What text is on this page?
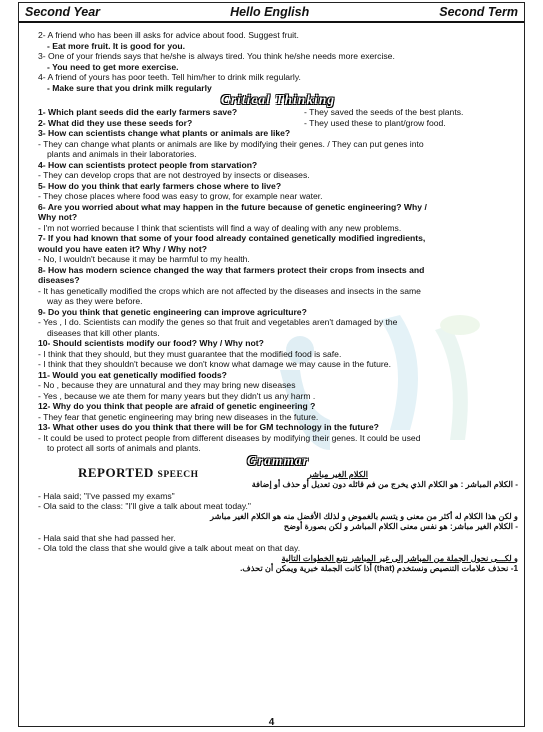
Second Year	Hello English	Second Term

2- A friend who has been ill asks for advice about food. Suggest fruit.

- Eat more fruit. It is good for you.

3- One of your friends says that he/she is always tired. You think he/she needs more exercise.

- You need to get more exercise.

4- A friend of yours has poor teeth. Tell him/her to drink milk regularly.

- Make sure that you drink milk regularly

Critical Thinking
1- Which plant seeds did the early farmers save?	- They saved the seeds of the best plants.
2- What did they use these seeds for?	- They used these to plant/grow food.

3- How can scientists change what plants or animals are like?

- They can change what plants or animals are like by modifying their genes. / They can put genes into

plants and animals in their laboratories.

4- How can scientists protect people from starvation?

- They can develop crops that are not destroyed by insects or diseases.

5- How do you think that early farmers chose where to live?

- They chose places where food was easy to grow, for example near water.

6- Are you worried about what may happen in the future because of genetic engineering? Why /

Why not?

- I'm not worried because I think that scientists will find a way of dealing with any new problems.

7- If you had known that some of your food already contained genetically modified ingredients,

would you have eaten it? Why / Why not?

- No, I wouldn't because it may be harmful to my health.

8- How has modern science changed the way that farmers protect their crops from insects and

diseases?

- It has genetically modified the crops which are not affected by the diseases and insects in the same

way as they were before.

9- Do you think that genetic engineering can improve agriculture?

- Yes , I do. Scientists can modify the genes so that fruit and vegetables aren't damaged by the

diseases that kill other plants.

10- Should scientists modify our food? Why / Why not?

- I think that they should, but they must guarantee that the modified food is safe.

- I think that they shouldn't because we don't know what damage we may cause in the future.

11- Would you eat genetically modified foods?

- No , because they are unnatural and they may bring new diseases

- Yes , because we ate them for many years but they didn't us any harm .

12- Why do you think that people are afraid of genetic engineering ?

- They fear that genetic engineering may bring new diseases in the future.

13- What other uses do you think that there will be for GM technology in the future?

- It could be used to protect people from different diseases by modifying their genes. It could be used

to protect all sorts of animals and plants.

Grammar
REPORTED SPEECH	الكلام الغير مباشر

- الكلام المباشر : هو الكلام الذي يخرج من فم قائله دون تعديل أو حذف أو إضافة

- Hala said; "I've passed my exams"

- Ola said to the class: "I'll give a talk about meat today."

و لكن هذا الكلام له أكثر من معنى و يتسم بالغموض و لذلك الأفضل منه هو الكلام الغير مباشر

- الكلام الغير مباشر: هو نفس معنى الكلام المباشر و لكن بصورة أوضح

- Hala said that she had passed her.

- Ola told the class that she would give a talk about meat on that day.

و لكـــى نحول الجملة من المباشر إلى غير المباشر نتبع الخطوات التالية

1- نحذف علامات التنصيص ونستخدم (that) أذا كانت الجملة خبرية ويمكن أن تحذف.

4
